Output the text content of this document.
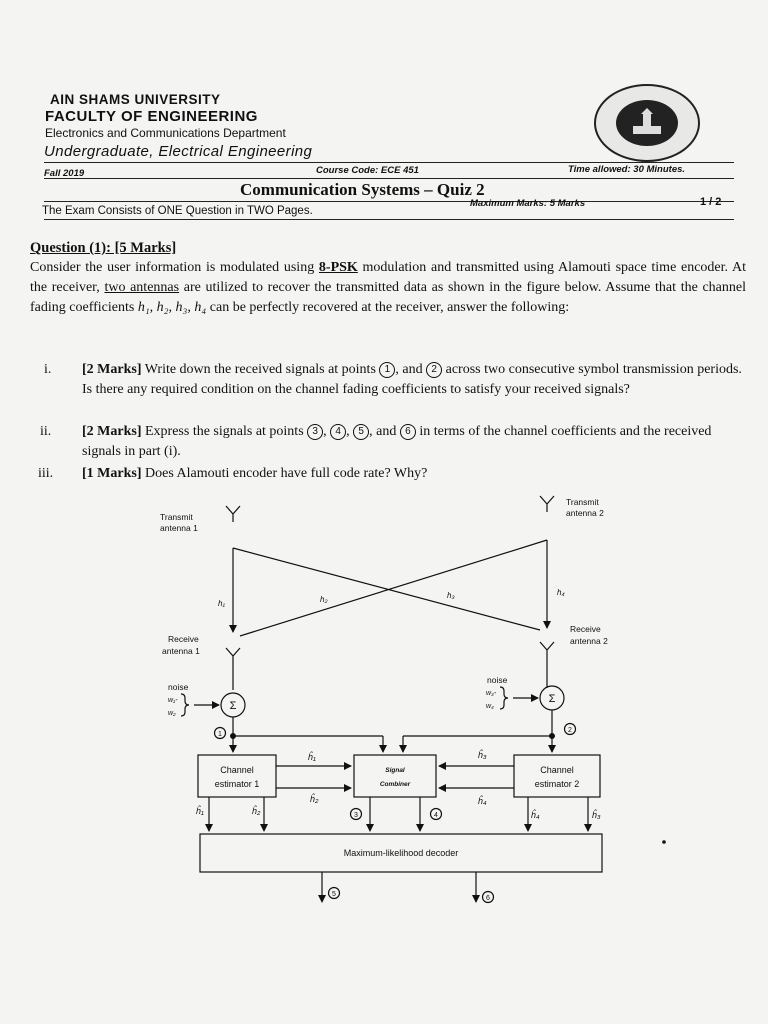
AIN SHAMS UNIVERSITY
FACULTY OF ENGINEERING
Electronics and Communications Department
Undergraduate, Electrical Engineering
Fall 2019	Course Code: ECE 451	Time allowed: 30 Minutes.
Communication Systems – Quiz 2
The Exam Consists of ONE Question in TWO Pages.
Maximum Marks: 5 Marks	1 / 2
Question (1): [5 Marks]

Consider the user information is modulated using 8-PSK modulation and transmitted using Alamouti space time encoder. At the receiver, two antennas are utilized to recover the transmitted data as shown in the figure below. Assume that the channel fading coefficients h₁, h₂, h₃, h₄ can be perfectly recovered at the receiver, answer the following:

i.	[2 Marks] Write down the received signals at points 1 , and 2 across two consecutive symbol transmission periods. Is there any required condition on the channel fading coefficients to satisfy your received signals?
ii.	[2 Marks] Express the signals at points 3 , 4 , 5 , and 6 in terms of the channel coefficients and the received signals in part (i).
iii.	[1 Marks] Does Alamouti encoder have full code rate? Why?
Transmit
antenna 1
Transmit
antenna 2
Receive
antenna 1
Receive
antenna 2
noise
noise
w₁-
w₂
w₃-
w₄
h₁	h₂	h₃	h₄
Σ
Σ
1
2
3	4
5
6
Channel
estimator 1
Channel
estimator 2
Maximum-likelihood decoder
Signal
Combiner
ĥ₁
ĥ₂
ĥ₃
ĥ₄
ĥ₁	ĥ₂	ĥ₄	ĥ₃
